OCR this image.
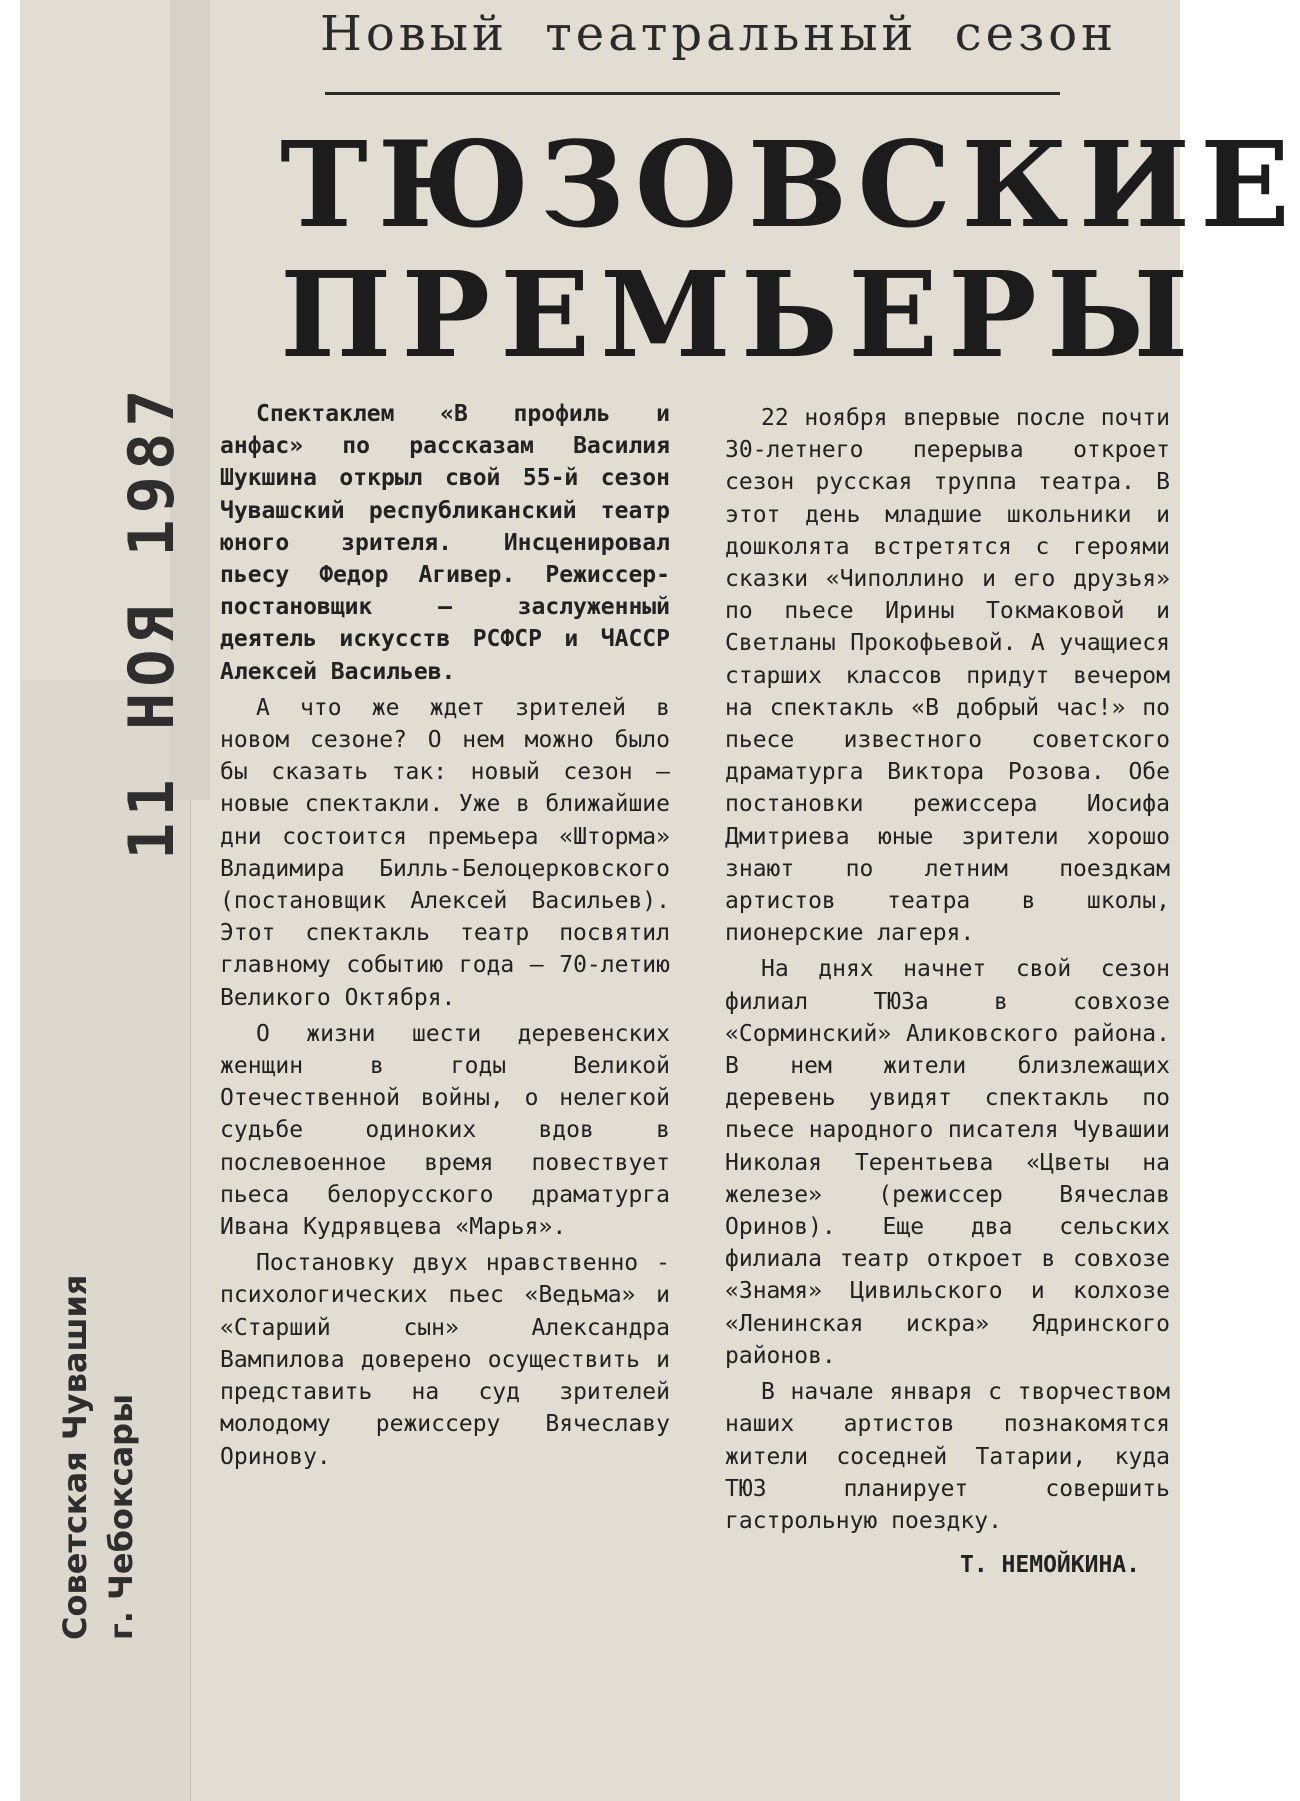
Новый театральный сезон
ТЮЗОВСКИЕ
ПРЕМЬЕРЫ

Спектаклем «В профиль и анфас» по рассказам Василия Шукшина открыл свой 55-й сезон Чувашский республиканский театр юного зрителя. Инсценировал пьесу Федор Агивер. Режиссер-постановщик — заслуженный деятель искусств РСФСР и ЧАССР Алексей Васильев.

А что же ждет зрителей в новом сезоне? О нем можно было бы сказать так: новый сезон — новые спектакли. Уже в ближайшие дни состоится премьера «Шторма» Владимира Билль-Белоцерковского (постановщик Алексей Васильев). Этот спектакль театр посвятил главному событию года — 70-летию Великого Октября.

О жизни шести деревенских женщин в годы Великой Отечественной войны, о нелегкой судьбе одиноких вдов в послевоенное время повествует пьеса белорусского драматурга Ивана Кудрявцева «Марья».

Постановку двух нравственно - психологических пьес «Ведьма» и «Старший сын» Александра Вампилова доверено осуществить и представить на суд зрителей молодому режиссеру Вячеславу Оринову.

22 ноября впервые после почти 30-летнего перерыва откроет сезон русская труппа театра. В этот день младшие школьники и дошколята встретятся с героями сказки «Чиполлино и его друзья» по пьесе Ирины Токмаковой и Светланы Прокофьевой. А учащиеся старших классов придут вечером на спектакль «В добрый час!» по пьесе известного советского драматурга Виктора Розова. Обе постановки режиссера Иосифа Дмитриева юные зрители хорошо знают по летним поездкам артистов театра в школы, пионерские лагеря.

На днях начнет свой сезон филиал ТЮЗа в совхозе «Сорминский» Аликовского района. В нем жители близлежащих деревень увидят спектакль по пьесе народного писателя Чувашии Николая Терентьева «Цветы на железе» (режиссер Вячеслав Оринов). Еще два сельских филиала театр откроет в совхозе «Знамя» Цивильского и колхозе «Ленинская искра» Ядринского районов.

В начале января с творчеством наших артистов познакомятся жители соседней Татарии, куда ТЮЗ планирует совершить гастрольную поездку.

Т. НЕМОЙКИНА.

11 НОЯ 1987
Советская Чувашия г. Чебоксары
